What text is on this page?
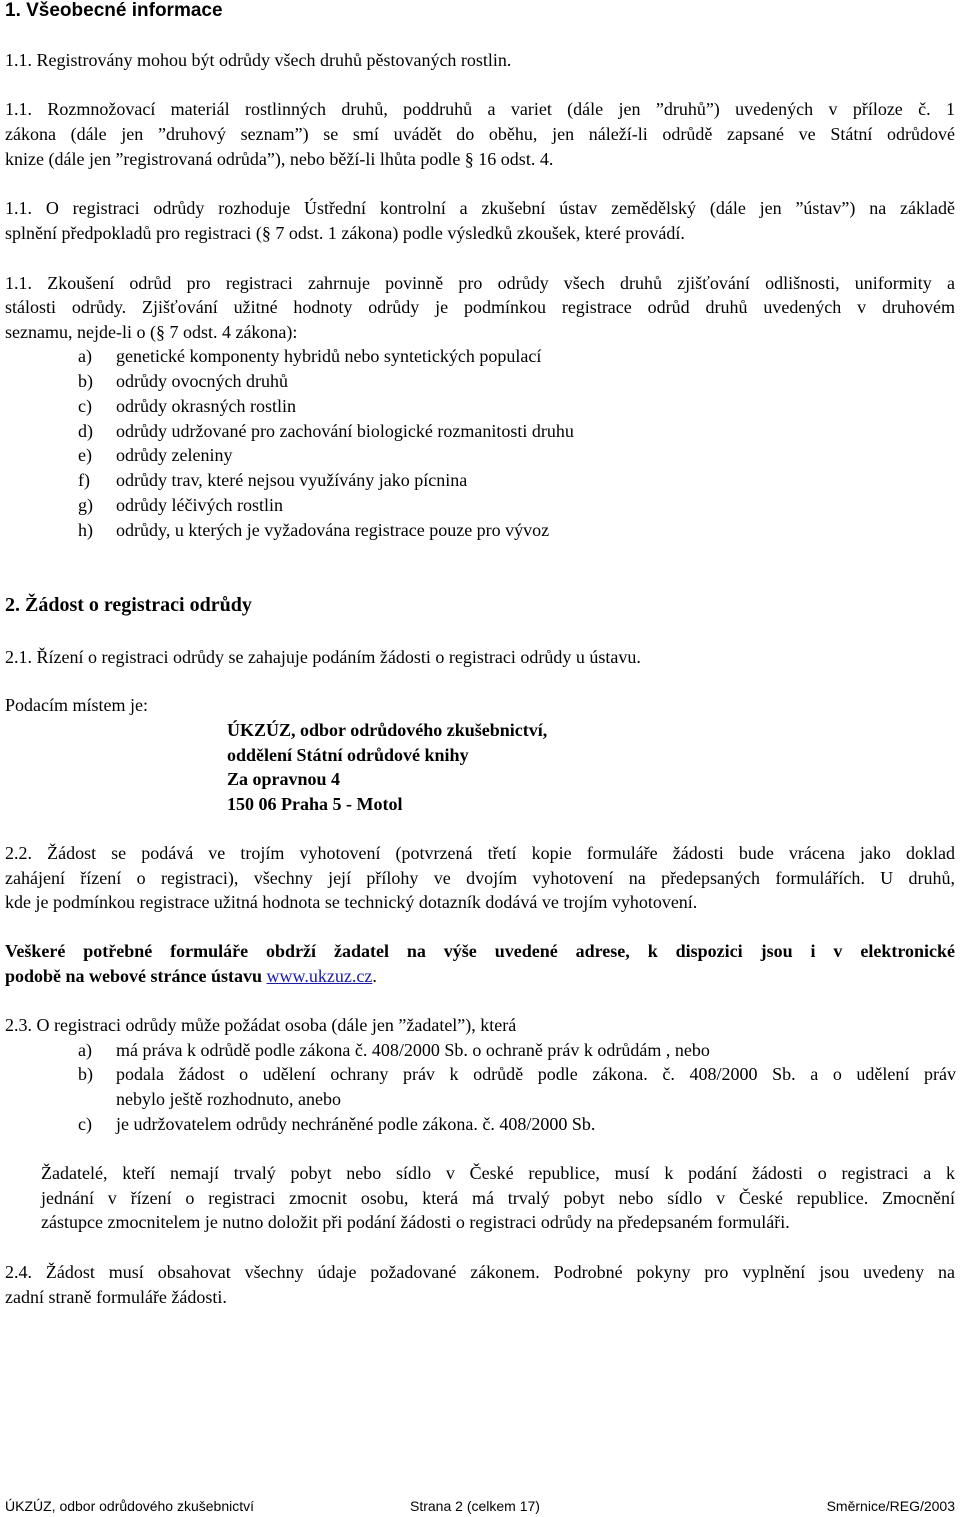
1. Všeobecné informace
1.1. Registrovány mohou být odrůdy všech druhů pěstovaných rostlin.
1.1. Rozmnožovací materiál rostlinných druhů, poddruhů a variet (dále jen ”druhů”) uvedených v příloze č. 1
zákona (dále jen ”druhový seznam”) se smí uvádět do oběhu, jen náleží-li odrůdě zapsané ve Státní odrůdové
knize (dále jen ”registrovaná odrůda”), nebo běží-li lhůta podle § 16 odst. 4.
1.1. O registraci odrůdy rozhoduje Ústřední kontrolní a zkušební ústav zemědělský (dále jen ”ústav”) na základě
splnění předpokladů pro registraci (§ 7 odst. 1 zákona) podle výsledků zkoušek, které provádí.
1.1. Zkoušení odrůd pro registraci zahrnuje povinně pro odrůdy všech druhů zjišťování odlišnosti, uniformity a
stálosti odrůdy. Zjišťování užitné hodnoty odrůdy je podmínkou registrace odrůd druhů uvedených v druhovém
seznamu, nejde-li o (§ 7 odst. 4 zákona):
a) genetické komponenty hybridů nebo syntetických populací
b) odrůdy ovocných druhů
c) odrůdy okrasných rostlin
d) odrůdy udržované pro zachování biologické rozmanitosti druhu
e) odrůdy zeleniny
f) odrůdy trav, které nejsou využívány jako pícnina
g) odrůdy léčivých rostlin
h) odrůdy, u kterých je vyžadována registrace pouze pro vývoz
2. Žádost o registraci odrůdy
2.1. Řízení o registraci odrůdy se zahajuje podáním žádosti o registraci odrůdy u ústavu.
Podacím místem je:
ÚKZÚZ, odbor odrůdového zkušebnictví,
oddělení Státní odrůdové knihy
Za opravnou 4
150 06 Praha 5 - Motol
2.2. Žádost se podává ve trojím vyhotovení (potvrzená třetí kopie formuláře žádosti bude vrácena jako doklad
zahájení řízení o registraci), všechny její přílohy ve dvojím vyhotovení na předepsaných formulářích. U druhů,
kde je podmínkou registrace užitná hodnota se technický dotazník dodává ve trojím vyhotovení.
Veškeré potřebné formuláře obdrží žadatel na výše uvedené adrese, k dispozici jsou i v elektronické
podobě na webové stránce ústavu www.ukzuz.cz.
2.3. O registraci odrůdy může požádat osoba (dále jen ”žadatel”), která
a) má práva k odrůdě podle zákona č. 408/2000 Sb. o ochraně práv k odrůdám , nebo
b) podala žádost o udělení ochrany práv k odrůdě podle zákona. č. 408/2000 Sb. a o udělení práv
nebylo ještě rozhodnuto, anebo
c) je udržovatelem odrůdy nechráněné podle zákona. č. 408/2000 Sb.
Žadatelé, kteří nemají trvalý pobyt nebo sídlo v České republice, musí k podání žádosti o registraci a k
jednání v řízení o registraci zmocnit osobu, která má trvalý pobyt nebo sídlo v České republice. Zmocnění
zástupce zmocnitelem je nutno doložit při podání žádosti o registraci odrůdy na předepsaném formuláři.
2.4. Žádost musí obsahovat všechny údaje požadované zákonem. Podrobné pokyny pro vyplnění jsou uvedeny na
zadní straně formuláře žádosti.
ÚKZÚZ, odbor odrůdového zkušebnictví	Strana 2 (celkem 17)	Směrnice/REG/2003
